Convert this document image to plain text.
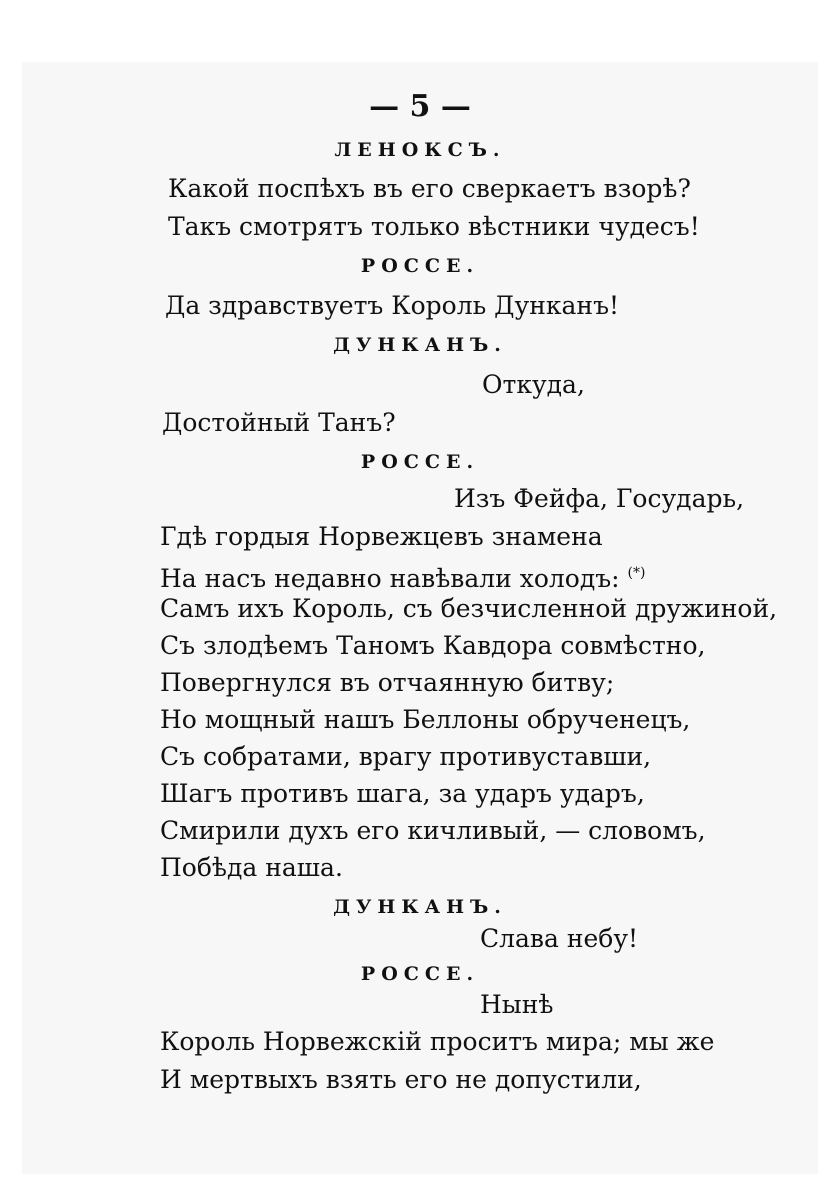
— 5 —
ЛЕНОКСЪ.
Какой поспѣхъ въ его сверкаетъ взорѣ?
Такъ смотрятъ только вѣстники чудесъ!
РОССЕ.
Да здравствуетъ Король Дунканъ!
ДУНКАНЪ.
Откуда,
Достойный Танъ?
РОССЕ.
Изъ Фейфа, Государь,
Гдѣ гордыя Норвежцевъ знамена
На насъ недавно навѣвали холодъ: (*)
Самъ ихъ Король, съ безчисленной дружиной,
Съ злодѣемъ Таномъ Кавдора совмѣстно,
Повергнулся въ отчаянную битву;
Но мощный нашъ Беллоны обрученецъ,
Съ собратами, врагу противуставши,
Шагъ противъ шага, за ударъ ударъ,
Смирили духъ его кичливый, — словомъ,
Побѣда наша.
ДУНКАНЪ.
Слава небу!
РОССЕ.
Нынѣ
Король Норвежскій проситъ мира; мы же
И мертвыхъ взять его не допустили,
